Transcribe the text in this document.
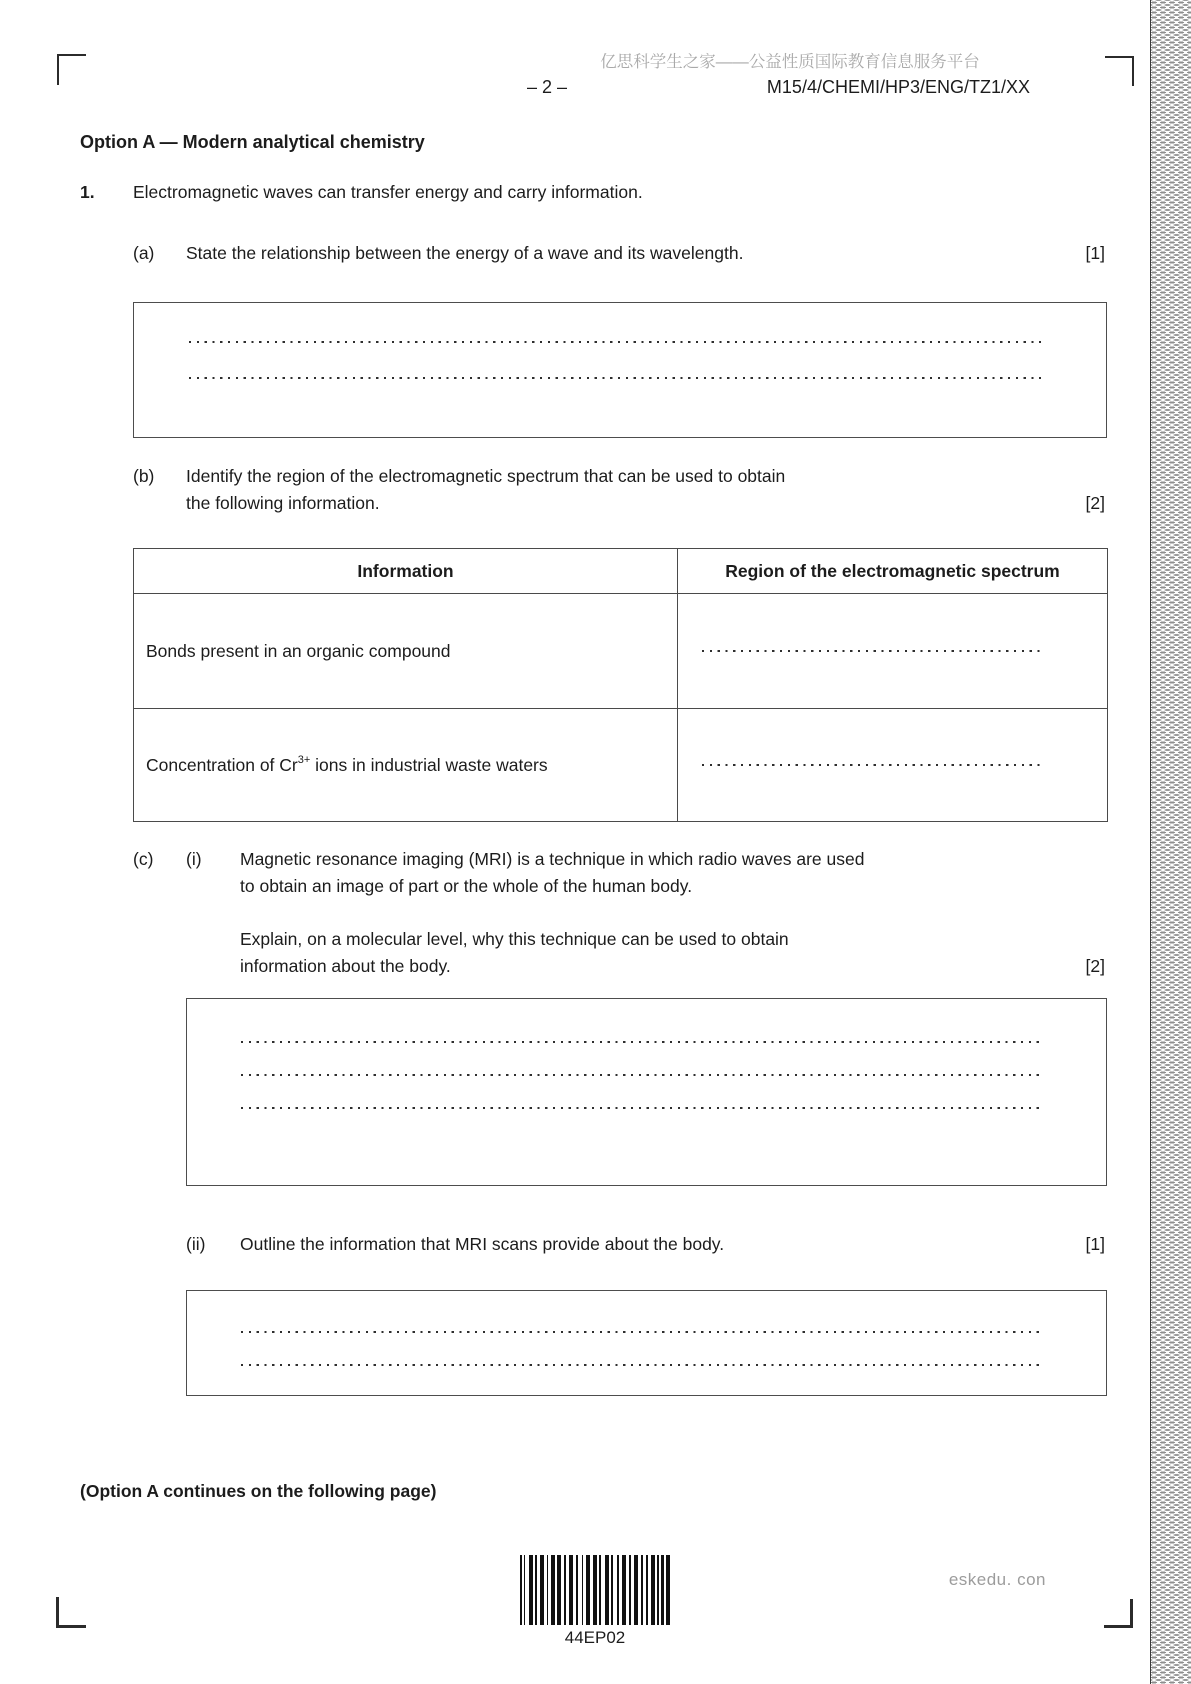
亿思科学生之家——公益性质国际教育信息服务平台
– 2 –	M15/4/CHEMI/HP3/ENG/TZ1/XX
Option A — Modern analytical chemistry
1. Electromagnetic waves can transfer energy and carry information.
(a) State the relationship between the energy of a wave and its wavelength.	[1]
(b) Identify the region of the electromagnetic spectrum that can be used to obtain
the following information.	[2]
Information	Region of the electromagnetic spectrum
Bonds present in an organic compound
Concentration of $Cr^{3+}$ ions in industrial waste waters
(c) (i) Magnetic resonance imaging (MRI) is a technique in which radio waves are used
to obtain an image of part or the whole of the human body.
Explain, on a molecular level, why this technique can be used to obtain
information about the body.	[2]
(ii) Outline the information that MRI scans provide about the body.	[1]
(Option A continues on the following page)
44EP02
eskedu. con
